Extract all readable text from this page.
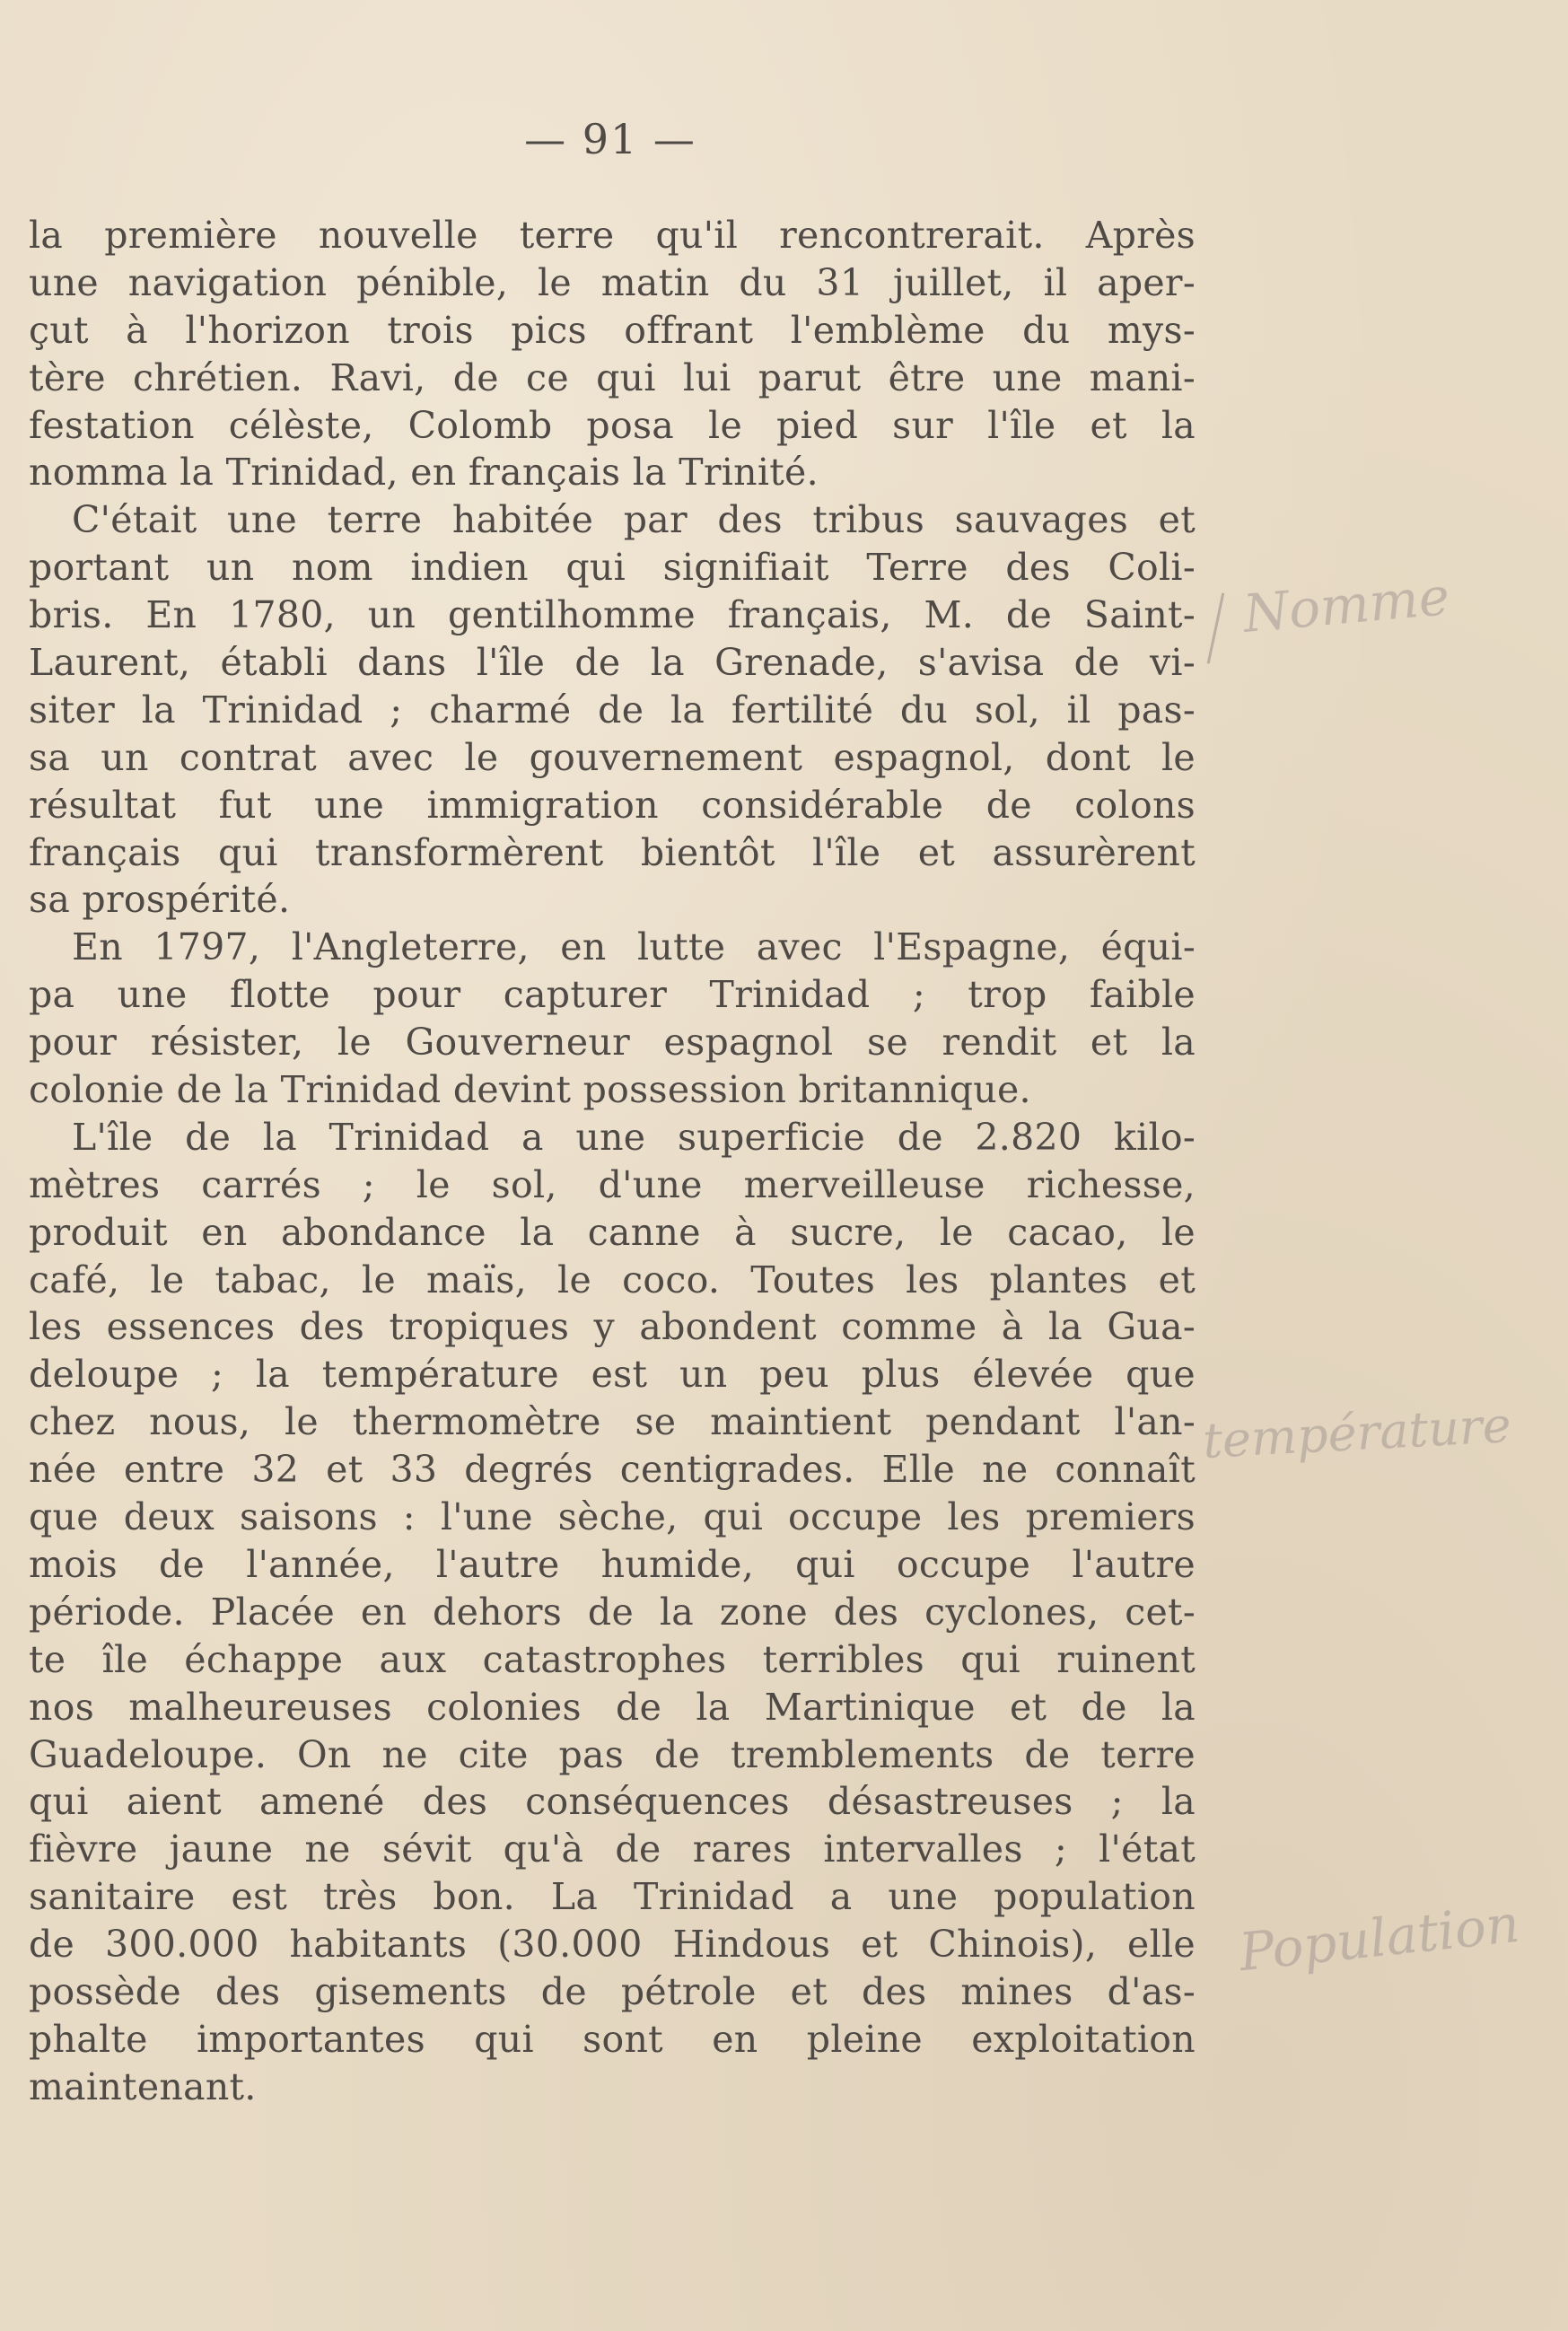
— 91 —
la première nouvelle terre qu'il rencontrerait. Après
une navigation pénible, le matin du 31 juillet, il aper-
çut à l'horizon trois pics offrant l'emblème du mys-
tère chrétien. Ravi, de ce qui lui parut être une mani-
festation célèste, Colomb posa le pied sur l'île et la
nomma la Trinidad, en français la Trinité.
C'était une terre habitée par des tribus sauvages et
portant un nom indien qui signifiait Terre des Coli-
bris. En 1780, un gentilhomme français, M. de Saint-
Laurent, établi dans l'île de la Grenade, s'avisa de vi-
siter la Trinidad ; charmé de la fertilité du sol, il pas-
sa un contrat avec le gouvernement espagnol, dont le
résultat fut une immigration considérable de colons
français qui transformèrent bientôt l'île et assurèrent
sa prospérité.
En 1797, l'Angleterre, en lutte avec l'Espagne, équi-
pa une flotte pour capturer Trinidad ; trop faible
pour résister, le Gouverneur espagnol se rendit et la
colonie de la Trinidad devint possession britannique.
L'île de la Trinidad a une superficie de 2.820 kilo-
mètres carrés ; le sol, d'une merveilleuse richesse,
produit en abondance la canne à sucre, le cacao, le
café, le tabac, le maïs, le coco. Toutes les plantes et
les essences des tropiques y abondent comme à la Gua-
deloupe ; la température est un peu plus élevée que
chez nous, le thermomètre se maintient pendant l'an-
née entre 32 et 33 degrés centigrades. Elle ne connaît
que deux saisons : l'une sèche, qui occupe les premiers
mois de l'année, l'autre humide, qui occupe l'autre
période. Placée en dehors de la zone des cyclones, cet-
te île échappe aux catastrophes terribles qui ruinent
nos malheureuses colonies de la Martinique et de la
Guadeloupe. On ne cite pas de tremblements de terre
qui aient amené des conséquences désastreuses ; la
fièvre jaune ne sévit qu'à de rares intervalles ; l'état
sanitaire est très bon. La Trinidad a une population
de 300.000 habitants (30.000 Hindous et Chinois), elle
possède des gisements de pétrole et des mines d'as-
phalte importantes qui sont en pleine exploitation
maintenant.
Nomme
température
Population
